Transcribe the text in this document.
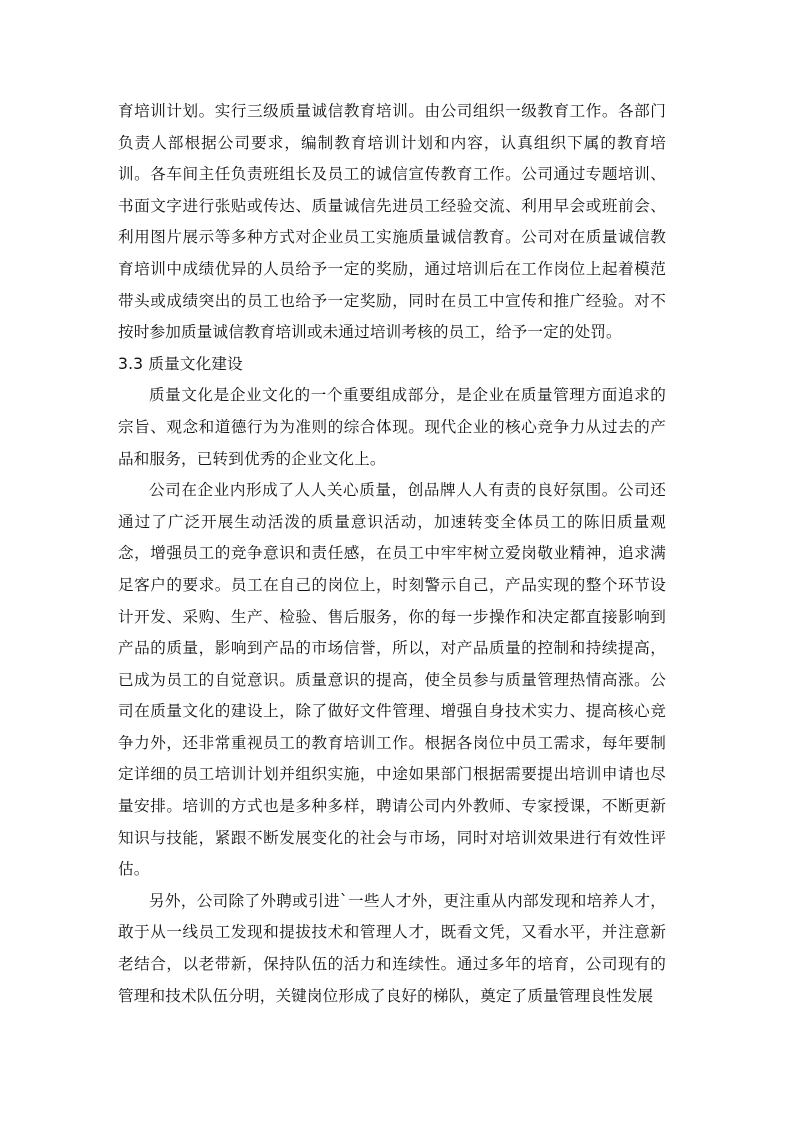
育培训计划。实行三级质量诚信教育培训。由公司组织一级教育工作。各部门负责人部根据公司要求，编制教育培训计划和内容，认真组织下属的教育培训。各车间主任负责班组长及员工的诚信宣传教育工作。公司通过专题培训、书面文字进行张贴或传达、质量诚信先进员工经验交流、利用早会或班前会、利用图片展示等多种方式对企业员工实施质量诚信教育。公司对在质量诚信教育培训中成绩优异的人员给予一定的奖励，通过培训后在工作岗位上起着模范带头或成绩突出的员工也给予一定奖励，同时在员工中宣传和推广经验。对不按时参加质量诚信教育培训或未通过培训考核的员工，给予一定的处罚。

3.3 质量文化建设

质量文化是企业文化的一个重要组成部分，是企业在质量管理方面追求的宗旨、观念和道德行为为准则的综合体现。现代企业的核心竞争力从过去的产品和服务，已转到优秀的企业文化上。

公司在企业内形成了人人关心质量，创品牌人人有责的良好氛围。公司还通过了广泛开展生动活泼的质量意识活动，加速转变全体员工的陈旧质量观念，增强员工的竞争意识和责任感，在员工中牢牢树立爱岗敬业精神，追求满足客户的要求。员工在自己的岗位上，时刻警示自己，产品实现的整个环节设计开发、采购、生产、检验、售后服务，你的每一步操作和决定都直接影响到产品的质量，影响到产品的市场信誉，所以，对产品质量的控制和持续提高，已成为员工的自觉意识。质量意识的提高，使全员参与质量管理热情高涨。公司在质量文化的建设上，除了做好文件管理、增强自身技术实力、提高核心竞争力外，还非常重视员工的教育培训工作。根据各岗位中员工需求，每年要制定详细的员工培训计划并组织实施，中途如果部门根据需要提出培训申请也尽量安排。培训的方式也是多种多样，聘请公司内外教师、专家授课，不断更新知识与技能，紧跟不断发展变化的社会与市场，同时对培训效果进行有效性评估。

另外，公司除了外聘或引进`一些人才外，更注重从内部发现和培养人才，敢于从一线员工发现和提拔技术和管理人才，既看文凭，又看水平，并注意新老结合，以老带新，保持队伍的活力和连续性。通过多年的培育，公司现有的管理和技术队伍分明，关键岗位形成了良好的梯队，奠定了质量管理良性发展
